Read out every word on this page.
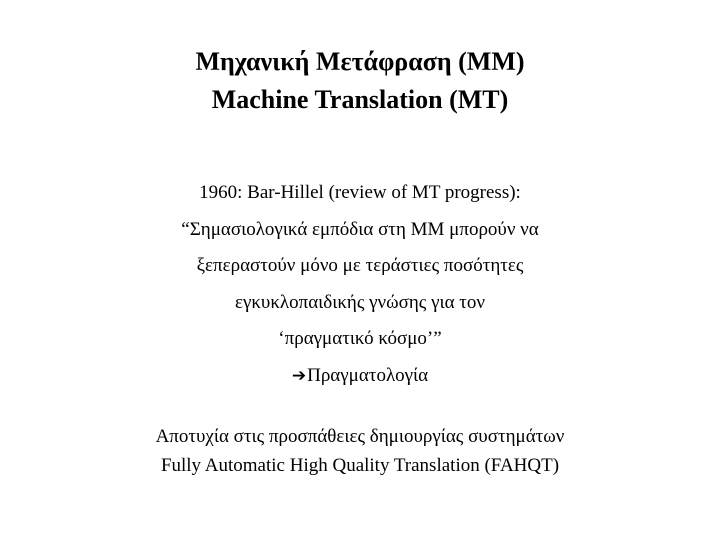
Μηχανική Μετάφραση (ΜΜ)
Machine Translation (MT)
1960: Bar-Hillel (review of MT progress):
“Σημασιολογικά εμπόδια στη ΜΜ μπορούν να
ξεπεραστούν μόνο με τεράστιες ποσότητες
εγκυκλοπαιδικής γνώσης για τον
‘πραγματικό κόσμο’”
➔Πραγματολογία
Αποτυχία στις προσπάθειες δημιουργίας συστημάτων
Fully Automatic High Quality Translation (FAHQT)
